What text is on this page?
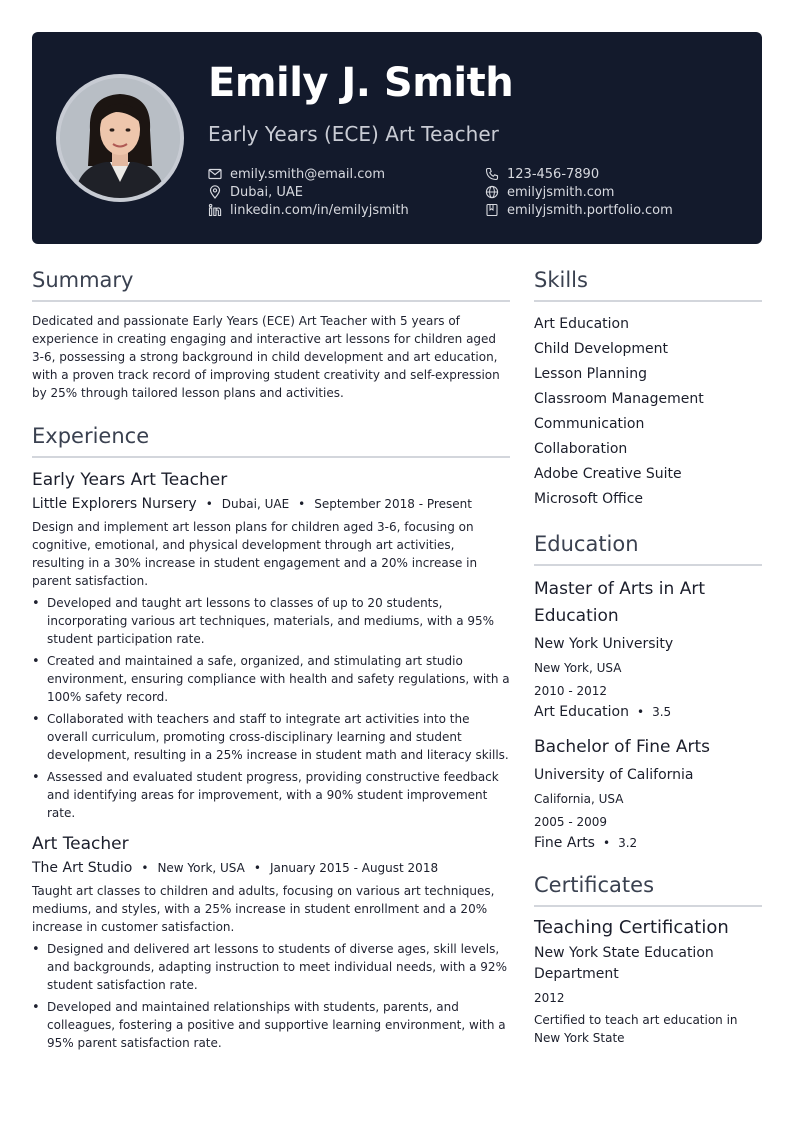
Emily J. Smith
Early Years (ECE) Art Teacher
emily.smith@email.com
Dubai, UAE
linkedin.com/in/emilyjsmith
123-456-7890
emilyjsmith.com
emilyjsmith.portfolio.com
Summary

Dedicated and passionate Early Years (ECE) Art Teacher with 5 years of experience in creating engaging and interactive art lessons for children aged 3-6, possessing a strong background in child development and art education, with a proven track record of improving student creativity and self-expression by 25% through tailored lesson plans and activities.

Experience
Early Years Art Teacher
Little Explorers Nursery • Dubai, UAE • September 2018 - Present

Design and implement art lesson plans for children aged 3-6, focusing on cognitive, emotional, and physical development through art activities, resulting in a 30% increase in student engagement and a 20% increase in parent satisfaction.

• Developed and taught art lessons to classes of up to 20 students, incorporating various art techniques, materials, and mediums, with a 95% student participation rate.
• Created and maintained a safe, organized, and stimulating art studio environment, ensuring compliance with health and safety regulations, with a 100% safety record.
• Collaborated with teachers and staff to integrate art activities into the overall curriculum, promoting cross-disciplinary learning and student development, resulting in a 25% increase in student math and literacy skills.
• Assessed and evaluated student progress, providing constructive feedback and identifying areas for improvement, with a 90% student improvement rate.
Art Teacher
The Art Studio • New York, USA • January 2015 - August 2018

Taught art classes to children and adults, focusing on various art techniques, mediums, and styles, with a 25% increase in student enrollment and a 20% increase in customer satisfaction.

• Designed and delivered art lessons to students of diverse ages, skill levels, and backgrounds, adapting instruction to meet individual needs, with a 92% student satisfaction rate.
• Developed and maintained relationships with students, parents, and colleagues, fostering a positive and supportive learning environment, with a 95% parent satisfaction rate.
Skills
Art Education
Child Development
Lesson Planning
Classroom Management
Communication
Collaboration
Adobe Creative Suite
Microsoft Office
Education
Master of Arts in Art Education
New York University
New York, USA
2010 - 2012
Art Education • 3.5
Bachelor of Fine Arts
University of California
California, USA
2005 - 2009
Fine Arts • 3.2
Certificates
Teaching Certification
New York State Education Department
2012
Certified to teach art education in New York State
